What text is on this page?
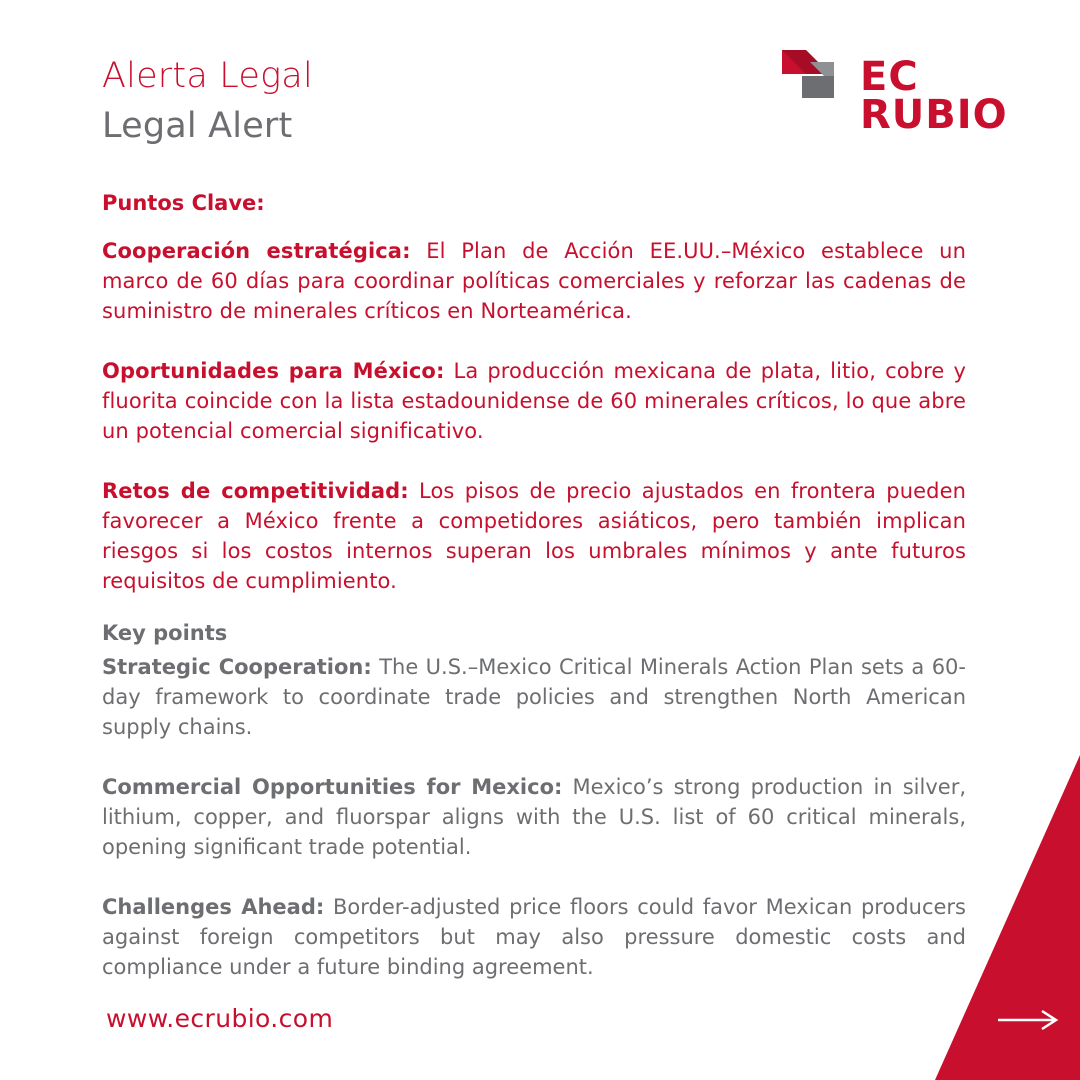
Alerta Legal
Legal Alert
EC
RUBIO
Puntos Clave:

Cooperación estratégica: El Plan de Acción EE.UU.–México establece un marco de 60 días para coordinar políticas comerciales y reforzar las cadenas de suministro de minerales críticos en Norteamérica.

Oportunidades para México: La producción mexicana de plata, litio, cobre y fluorita coincide con la lista estadounidense de 60 minerales críticos, lo que abre un potencial comercial significativo.

Retos de competitividad: Los pisos de precio ajustados en frontera pueden favorecer a México frente a competidores asiáticos, pero también implican riesgos si los costos internos superan los umbrales mínimos y ante futuros requisitos de cumplimiento.

Key points

Strategic Cooperation: The U.S.–Mexico Critical Minerals Action Plan sets a 60-day framework to coordinate trade policies and strengthen North American supply chains.

Commercial Opportunities for Mexico: Mexico’s strong production in silver, lithium, copper, and fluorspar aligns with the U.S. list of 60 critical minerals, opening significant trade potential.

Challenges Ahead: Border-adjusted price floors could favor Mexican producers against foreign competitors but may also pressure domestic costs and compliance under a future binding agreement.

www.ecrubio.com
